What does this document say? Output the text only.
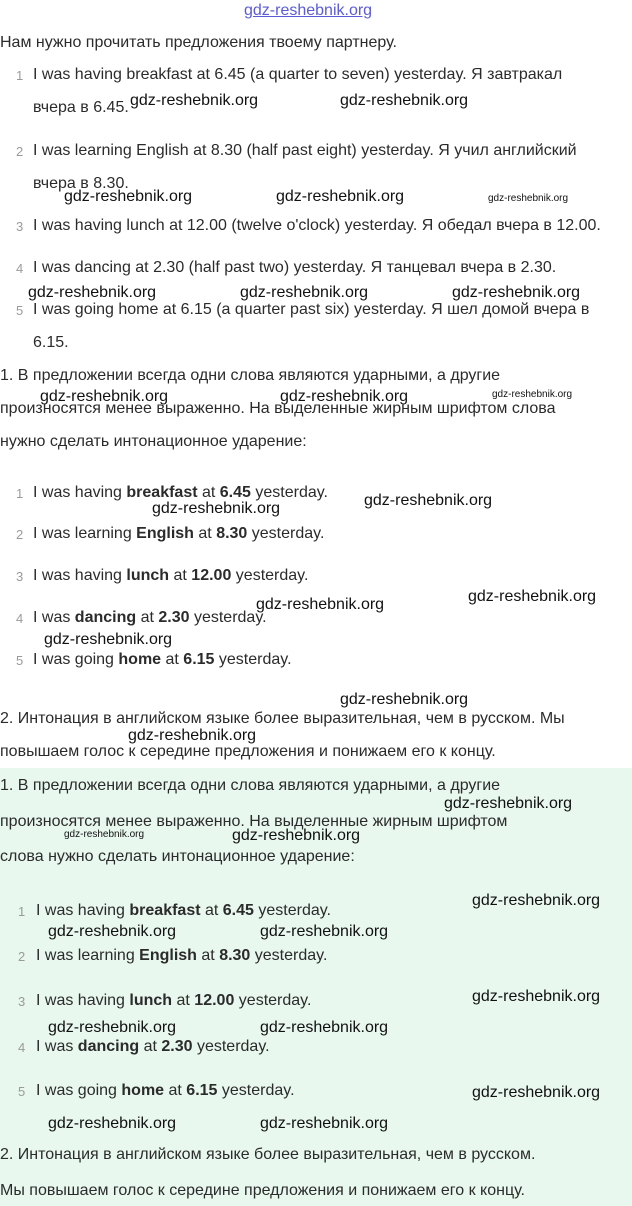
gdz-reshebnik.org
Нам нужно прочитать предложения твоему партнеру.
1 I was having breakfast at 6.45 (a quarter to seven) yesterday. Я завтракал
вчера в 6.45.
2 I was learning English at 8.30 (half past eight) yesterday. Я учил английский
вчера в 8.30.
3 I was having lunch at 12.00 (twelve o'clock) yesterday. Я обедал вчера в 12.00.
4 I was dancing at 2.30 (half past two) yesterday. Я танцевал вчера в 2.30.
5 I was going home at 6.15 (a quarter past six) yesterday. Я шел домой вчера в
6.15.
1. В предложении всегда одни слова являются ударными, а другие
произносятся менее выраженно. На выделенные жирным шрифтом слова
нужно сделать интонационное ударение:
1 I was having breakfast at 6.45 yesterday.
2 I was learning English at 8.30 yesterday.
3 I was having lunch at 12.00 yesterday.
4 I was dancing at 2.30 yesterday.
5 I was going home at 6.15 yesterday.
2. Интонация в английском языке более выразительная, чем в русском. Мы
повышаем голос к середине предложения и понижаем его к концу.
1. В предложении всегда одни слова являются ударными, а другие
произносятся менее выраженно. На выделенные жирным шрифтом
слова нужно сделать интонационное ударение:
1 I was having breakfast at 6.45 yesterday.
2 I was learning English at 8.30 yesterday.
3 I was having lunch at 12.00 yesterday.
4 I was dancing at 2.30 yesterday.
5 I was going home at 6.15 yesterday.
2. Интонация в английском языке более выразительная, чем в русском.
Мы повышаем голос к середине предложения и понижаем его к концу.
gdz-reshebnik.org	gdz-reshebnik.org
gdz-reshebnik.org	gdz-reshebnik.org	gdz-reshebnik.org
gdz-reshebnik.org	gdz-reshebnik.org	gdz-reshebnik.org
gdz-reshebnik.org	gdz-reshebnik.org	gdz-reshebnik.org
gdz-reshebnik.org
gdz-reshebnik.org
gdz-reshebnik.org
gdz-reshebnik.org
gdz-reshebnik.org
gdz-reshebnik.org
gdz-reshebnik.org
gdz-reshebnik.org
gdz-reshebnik.org	gdz-reshebnik.org
gdz-reshebnik.org
gdz-reshebnik.org	gdz-reshebnik.org
gdz-reshebnik.org
gdz-reshebnik.org	gdz-reshebnik.org
gdz-reshebnik.org
gdz-reshebnik.org	gdz-reshebnik.org
